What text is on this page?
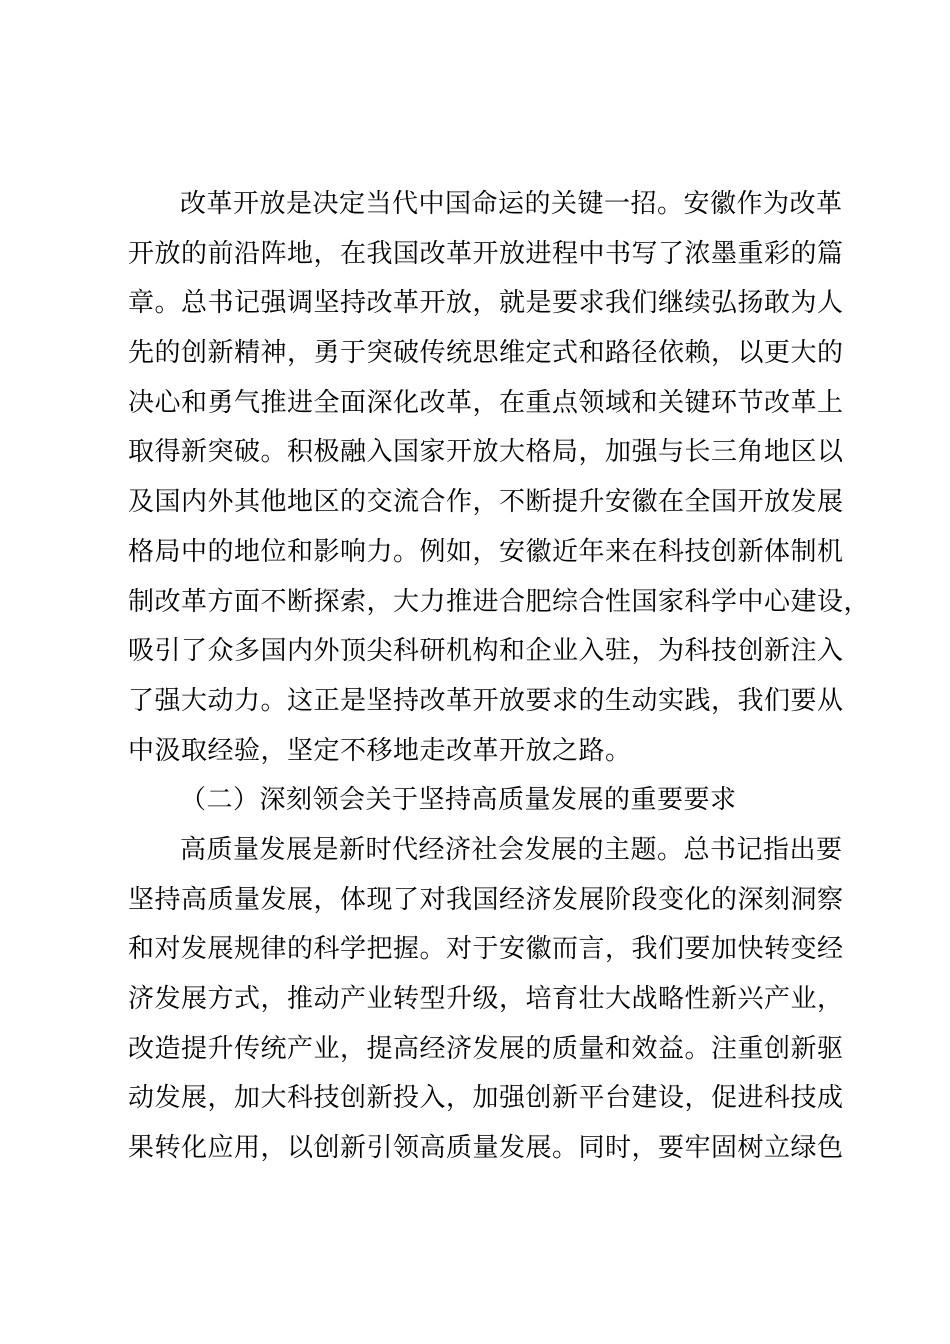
改革开放是决定当代中国命运的关键一招。安徽作为改革
开放的前沿阵地，在我国改革开放进程中书写了浓墨重彩的篇
章。总书记强调坚持改革开放，就是要求我们继续弘扬敢为人
先的创新精神，勇于突破传统思维定式和路径依赖，以更大的
决心和勇气推进全面深化改革，在重点领域和关键环节改革上
取得新突破。积极融入国家开放大格局，加强与长三角地区以
及国内外其他地区的交流合作，不断提升安徽在全国开放发展
格局中的地位和影响力。例如，安徽近年来在科技创新体制机
制改革方面不断探索，大力推进合肥综合性国家科学中心建设，
吸引了众多国内外顶尖科研机构和企业入驻，为科技创新注入
了强大动力。这正是坚持改革开放要求的生动实践，我们要从
中汲取经验，坚定不移地走改革开放之路。
（二）深刻领会关于坚持高质量发展的重要要求
高质量发展是新时代经济社会发展的主题。总书记指出要
坚持高质量发展，体现了对我国经济发展阶段变化的深刻洞察
和对发展规律的科学把握。对于安徽而言，我们要加快转变经
济发展方式，推动产业转型升级，培育壮大战略性新兴产业，
改造提升传统产业，提高经济发展的质量和效益。注重创新驱
动发展，加大科技创新投入，加强创新平台建设，促进科技成
果转化应用，以创新引领高质量发展。同时，要牢固树立绿色
